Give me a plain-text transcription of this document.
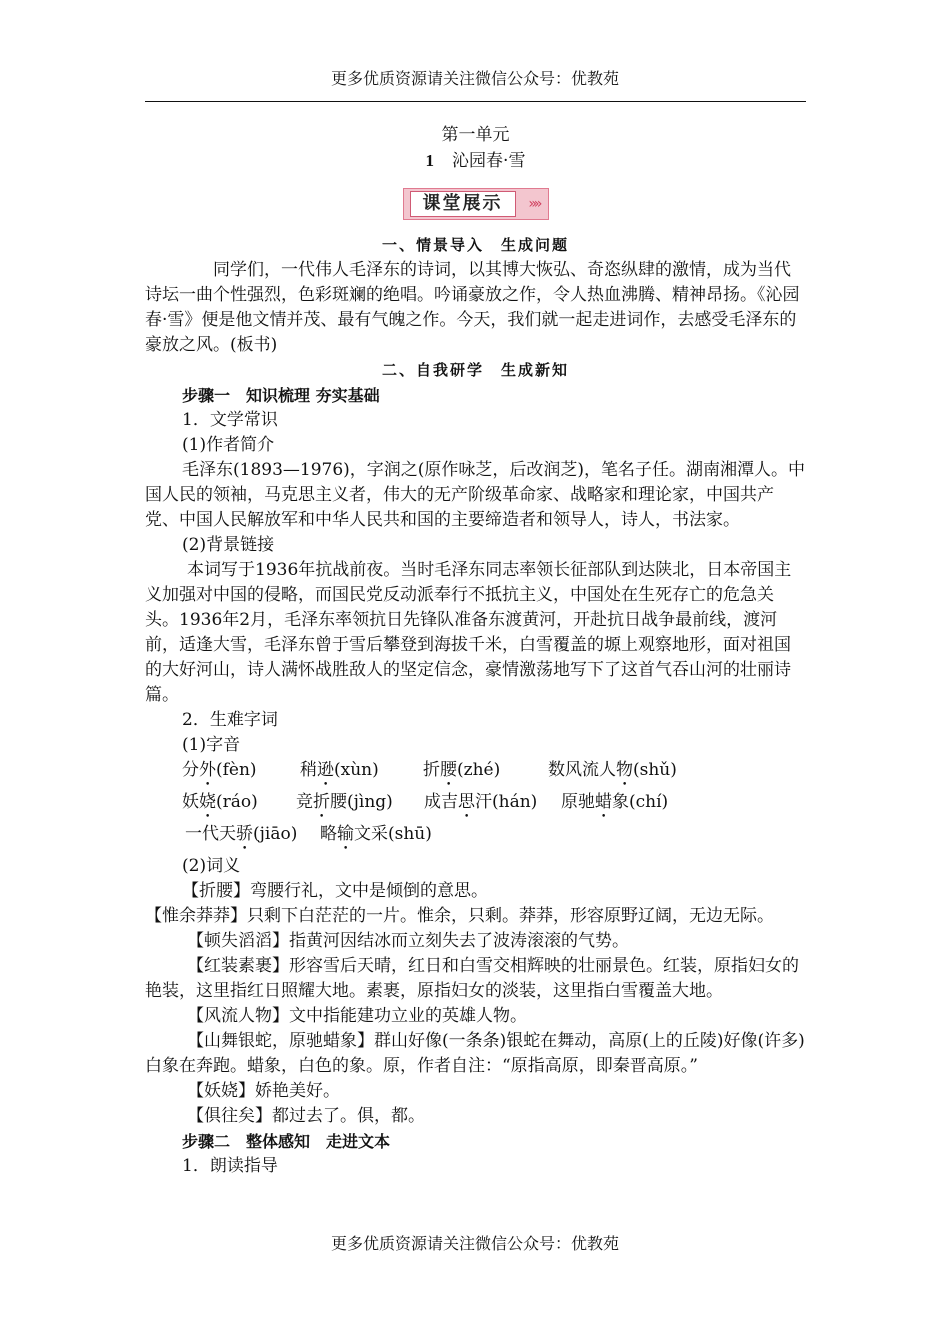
更多优质资源请关注微信公众号：优教苑
第一单元
1 沁园春·雪
课堂展示	»»
一、情景导入　生成问题

同学们，一代伟人毛泽东的诗词，以其博大恢弘、奇恣纵肆的激情，成为当代诗坛一曲个性强烈，色彩斑斓的绝唱。吟诵豪放之作，令人热血沸腾、精神昂扬。《沁园春·雪》便是他文情并茂、最有气魄之作。今天，我们就一起走进词作，去感受毛泽东的豪放之风。(板书)

二、自我研学　生成新知
步骤一　知识梳理 夯实基础
1．文学常识
(1)作者简介

毛泽东(1893—1976)，字润之(原作咏芝，后改润芝)，笔名子任。湖南湘潭人。中国人民的领袖，马克思主义者，伟大的无产阶级革命家、战略家和理论家，中国共产党、中国人民解放军和中华人民共和国的主要缔造者和领导人，诗人，书法家。

(2)背景链接

本词写于1936年抗战前夜。当时毛泽东同志率领长征部队到达陕北，日本帝国主义加强对中国的侵略，而国民党反动派奉行不抵抗主义，中国处在生死存亡的危急关头。1936年2月，毛泽东率领抗日先锋队准备东渡黄河，开赴抗日战争最前线，渡河前，适逢大雪，毛泽东曾于雪后攀登到海拔千米，白雪覆盖的塬上观察地形，面对祖国的大好河山，诗人满怀战胜敌人的坚定信念，豪情激荡地写下了这首气吞山河的壮丽诗篇。

2．生难字词
(1)字音
分外(fèn)	稍逊(xùn)	折腰(zhé)	数风流人物(shǔ)
妖娆(ráo)	竞折腰(jìng)	成吉思汗(hán)	原驰蜡象(chí)
一代天骄(jiāo)	略输文采(shū)
(2)词义

【折腰】弯腰行礼，文中是倾倒的意思。

【惟余莽莽】只剩下白茫茫的一片。惟余，只剩。莽莽，形容原野辽阔，无边无际。

【顿失滔滔】指黄河因结冰而立刻失去了波涛滚滚的气势。

【红装素裹】形容雪后天晴，红日和白雪交相辉映的壮丽景色。红装，原指妇女的艳装，这里指红日照耀大地。素裹，原指妇女的淡装，这里指白雪覆盖大地。

【风流人物】文中指能建功立业的英雄人物。

【山舞银蛇，原驰蜡象】群山好像(一条条)银蛇在舞动，高原(上的丘陵)好像(许多)白象在奔跑。蜡象，白色的象。原，作者自注：“原指高原，即秦晋高原。”

【妖娆】娇艳美好。

【俱往矣】都过去了。俱，都。

步骤二　整体感知　走进文本
1．朗读指导
更多优质资源请关注微信公众号：优教苑
